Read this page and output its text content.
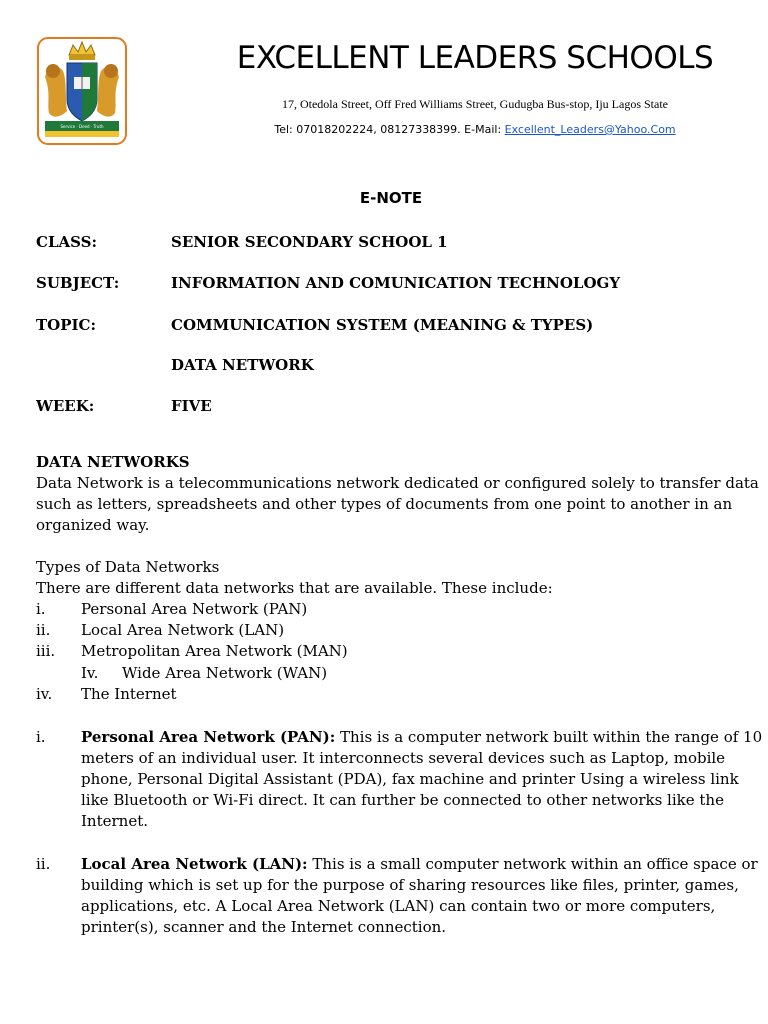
Service · Deed · Truth
EXCELLENT LEADERS SCHOOLS
17, Otedola Street, Off Fred Williams Street, Gudugba Bus-stop, Iju Lagos State
Tel: 07018202224, 08127338399. E-Mail: Excellent_Leaders@Yahoo.Com
E-NOTE
CLASS:	SENIOR SECONDARY SCHOOL 1
SUBJECT:	INFORMATION AND COMUNICATION TECHNOLOGY
TOPIC:	COMMUNICATION SYSTEM (MEANING & TYPES)
DATA NETWORK
WEEK:	FIVE
DATA NETWORKS
Data Network is a telecommunications network dedicated or configured solely to transfer data
such as letters, spreadsheets and other types of documents from one point to another in an
organized way.
Types of Data Networks
There are different data networks that are available. These include:
i. Personal Area Network (PAN)
ii. Local Area Network (LAN)
iii. Metropolitan Area Network (MAN)
Iv. Wide Area Network (WAN)
iv. The Internet
i. Personal Area Network (PAN): This is a computer network built within the range of 10
meters of an individual user. It interconnects several devices such as Laptop, mobile
phone, Personal Digital Assistant (PDA), fax machine and printer Using a wireless link
like Bluetooth or Wi-Fi direct. It can further be connected to other networks like the
Internet.
ii. Local Area Network (LAN): This is a small computer network within an office space or
building which is set up for the purpose of sharing resources like files, printer, games,
applications, etc. A Local Area Network (LAN) can contain two or more computers,
printer(s), scanner and the Internet connection.
